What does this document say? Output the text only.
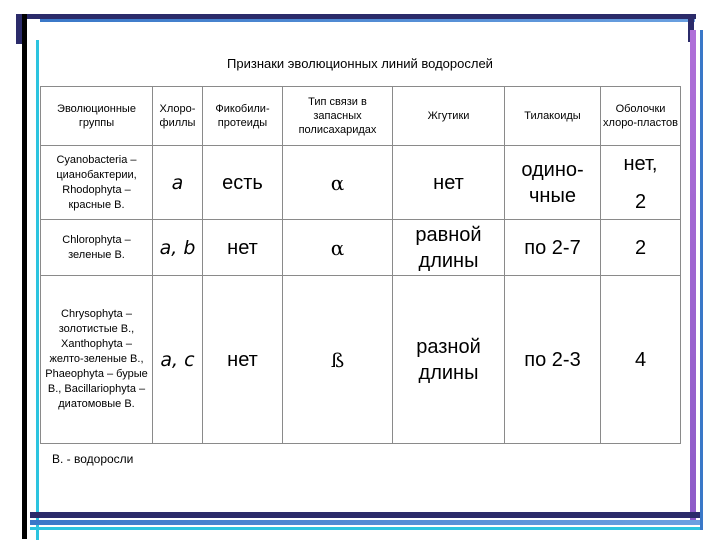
Признаки эволюционных линий водорослей
Эволюционные группы	Хлоро-филлы	Фикобили-протеиды	Тип связи в запасных полисахаридах	Жгутики	Тилакоиды	Оболочки хлоро-пластов
Cyanobacteria – цианобактерии, Rhodophyta – красные В.	a	есть	α	нет	одино-чные	нет,
2

Chlorophyta – зеленые В.	a, b	нет	α	равной длины	по 2-7	2
Chrysophyta – золотистые В., Xanthophyta – желто-зеленые В., Phaeophyta – бурые В., Bacillariophyta – диатомовые В.	a, c	нет	ß	разной длины	по 2-3	4
В. - водоросли
